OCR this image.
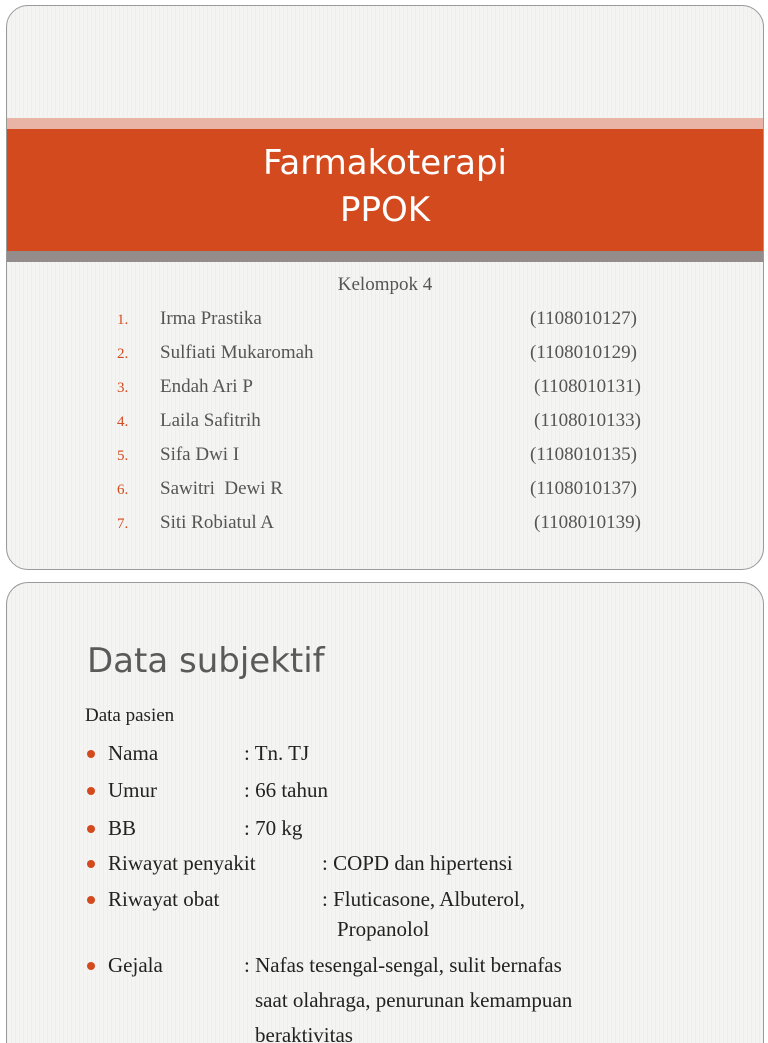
Farmakoterapi
PPOK
Kelompok 4
1. Irma Prastika	(1108010127)
2. Sulfiati Mukaromah	(1108010129)
3. Endah Ari P	(1108010131)
4. Laila Safitrih	(1108010133)
5. Sifa Dwi I	(1108010135)
6. Sawitri  Dewi R	(1108010137)
7. Siti Robiatul A	(1108010139)
Data subjektif
Data pasien
Nama	: Tn. TJ
Umur	: 66 tahun
BB	: 70 kg
Riwayat penyakit	: COPD dan hipertensi
Riwayat obat	: Fluticasone, Albuterol,
Propanolol
Gejala	: Nafas tesengal-sengal, sulit bernafas
saat olahraga, penurunan kemampuan
beraktivitas
